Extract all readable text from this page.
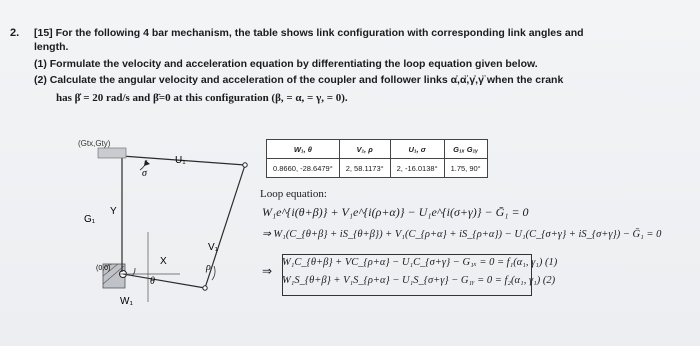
2. [15] For the following 4 bar mechanism, the table shows link configuration with corresponding link angles and
length.
(1) Formulate the velocity and acceleration equation by differentiating the loop equation given below.
(2) Calculate the angular velocity and acceleration of the coupler and follower links α̇,α̈,γ̇,γ̈ when the crank
has β̇ = 20 rad/s and β̈=0 at this configuration (β, = α, = γ, = 0).
(Gtx,Gty)
σ
U₁
G₁
Y
X
V₁
θ
ρ
W₁
(0,0)
W₁, θ	V₁, ρ	U₁, σ	G₁ₓ G₁ᵧ
0.8660, -28.6479°	2, 58.1173°	2, -16.0138°	1.75, 90°
Loop equation:
W₁e^{i(θ+β)} + V₁e^{i(ρ+α)} − U₁e^{i(σ+γ)} − Ḡ₁ = 0
⇒ W₁(C_{θ+β} + iS_{θ+β}) + V₁(C_{ρ+α} + iS_{ρ+α}) − U₁(C_{σ+γ} + iS_{σ+γ}) − Ḡ₁ = 0
⇒
W₁C_{θ+β} + VC_{ρ+α} − U₁C_{σ+γ} − G₁ₓ = 0 = f₁(α₁, γ₁) (1)
W₁S_{θ+β} + V₁S_{ρ+α} − U₁S_{σ+γ} − G₁ᵧ = 0 = f₂(α₁, γ₁) (2)
